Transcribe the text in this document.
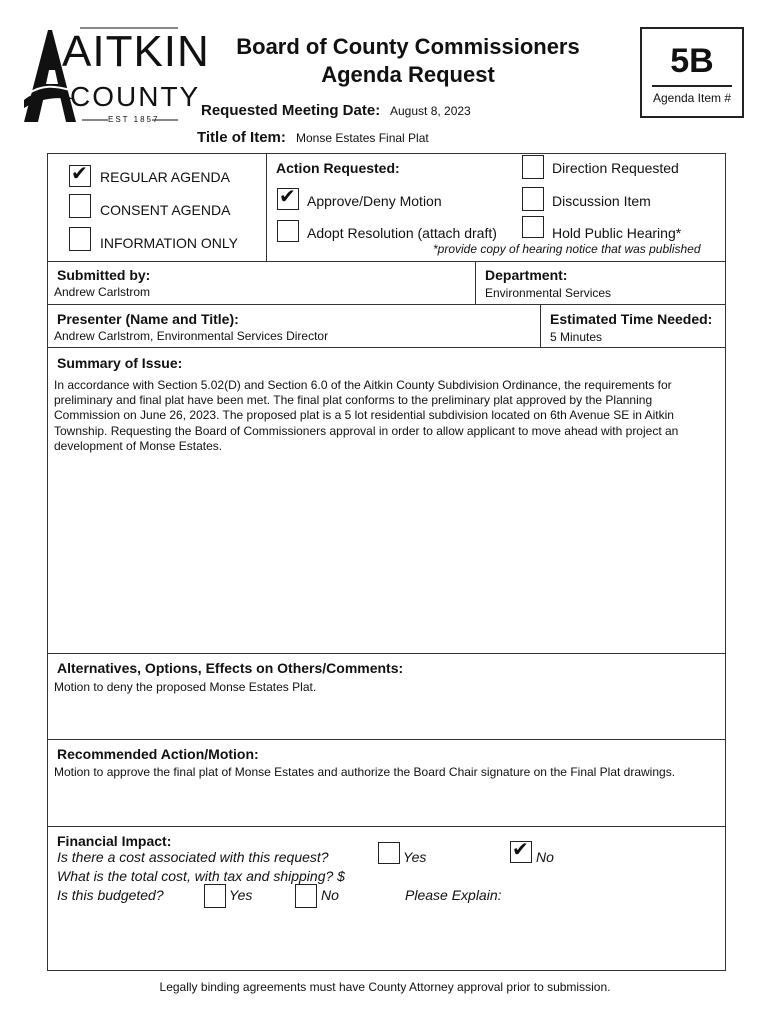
AITKIN
COUNTY
EST 1857
Board of County Commissioners
Agenda Request
Requested Meeting Date: August 8, 2023
Title of Item: Monse Estates Final Plat
5B
Agenda Item #
✔ REGULAR AGENDA
CONSENT AGENDA
INFORMATION ONLY
Action Requested:
✔ Approve/Deny Motion
Adopt Resolution (attach draft)
Direction Requested
Discussion Item
Hold Public Hearing*
*provide copy of hearing notice that was published
Submitted by:
Andrew Carlstrom
Department:
Environmental Services
Presenter (Name and Title):
Andrew Carlstrom, Environmental Services Director
Estimated Time Needed:
5 Minutes
Summary of Issue:
In accordance with Section 5.02(D) and Section 6.0 of the Aitkin County Subdivision Ordinance, the requirements for
preliminary and final plat have been met. The final plat conforms to the preliminary plat approved by the Planning
Commission on June 26, 2023. The proposed plat is a 5 lot residential subdivision located on 6th Avenue SE in Aitkin
Township. Requesting the Board of Commissioners approval in order to allow applicant to move ahead with project an
development of Monse Estates.
Alternatives, Options, Effects on Others/Comments:
Motion to deny the proposed Monse Estates Plat.
Recommended Action/Motion:
Motion to approve the final plat of Monse Estates and authorize the Board Chair signature on the Final Plat drawings.
Financial Impact:
Is there a cost associated with this request?	Yes	✔ No
What is the total cost, with tax and shipping? $
Is this budgeted?	Yes	No	Please Explain:
Legally binding agreements must have County Attorney approval prior to submission.
